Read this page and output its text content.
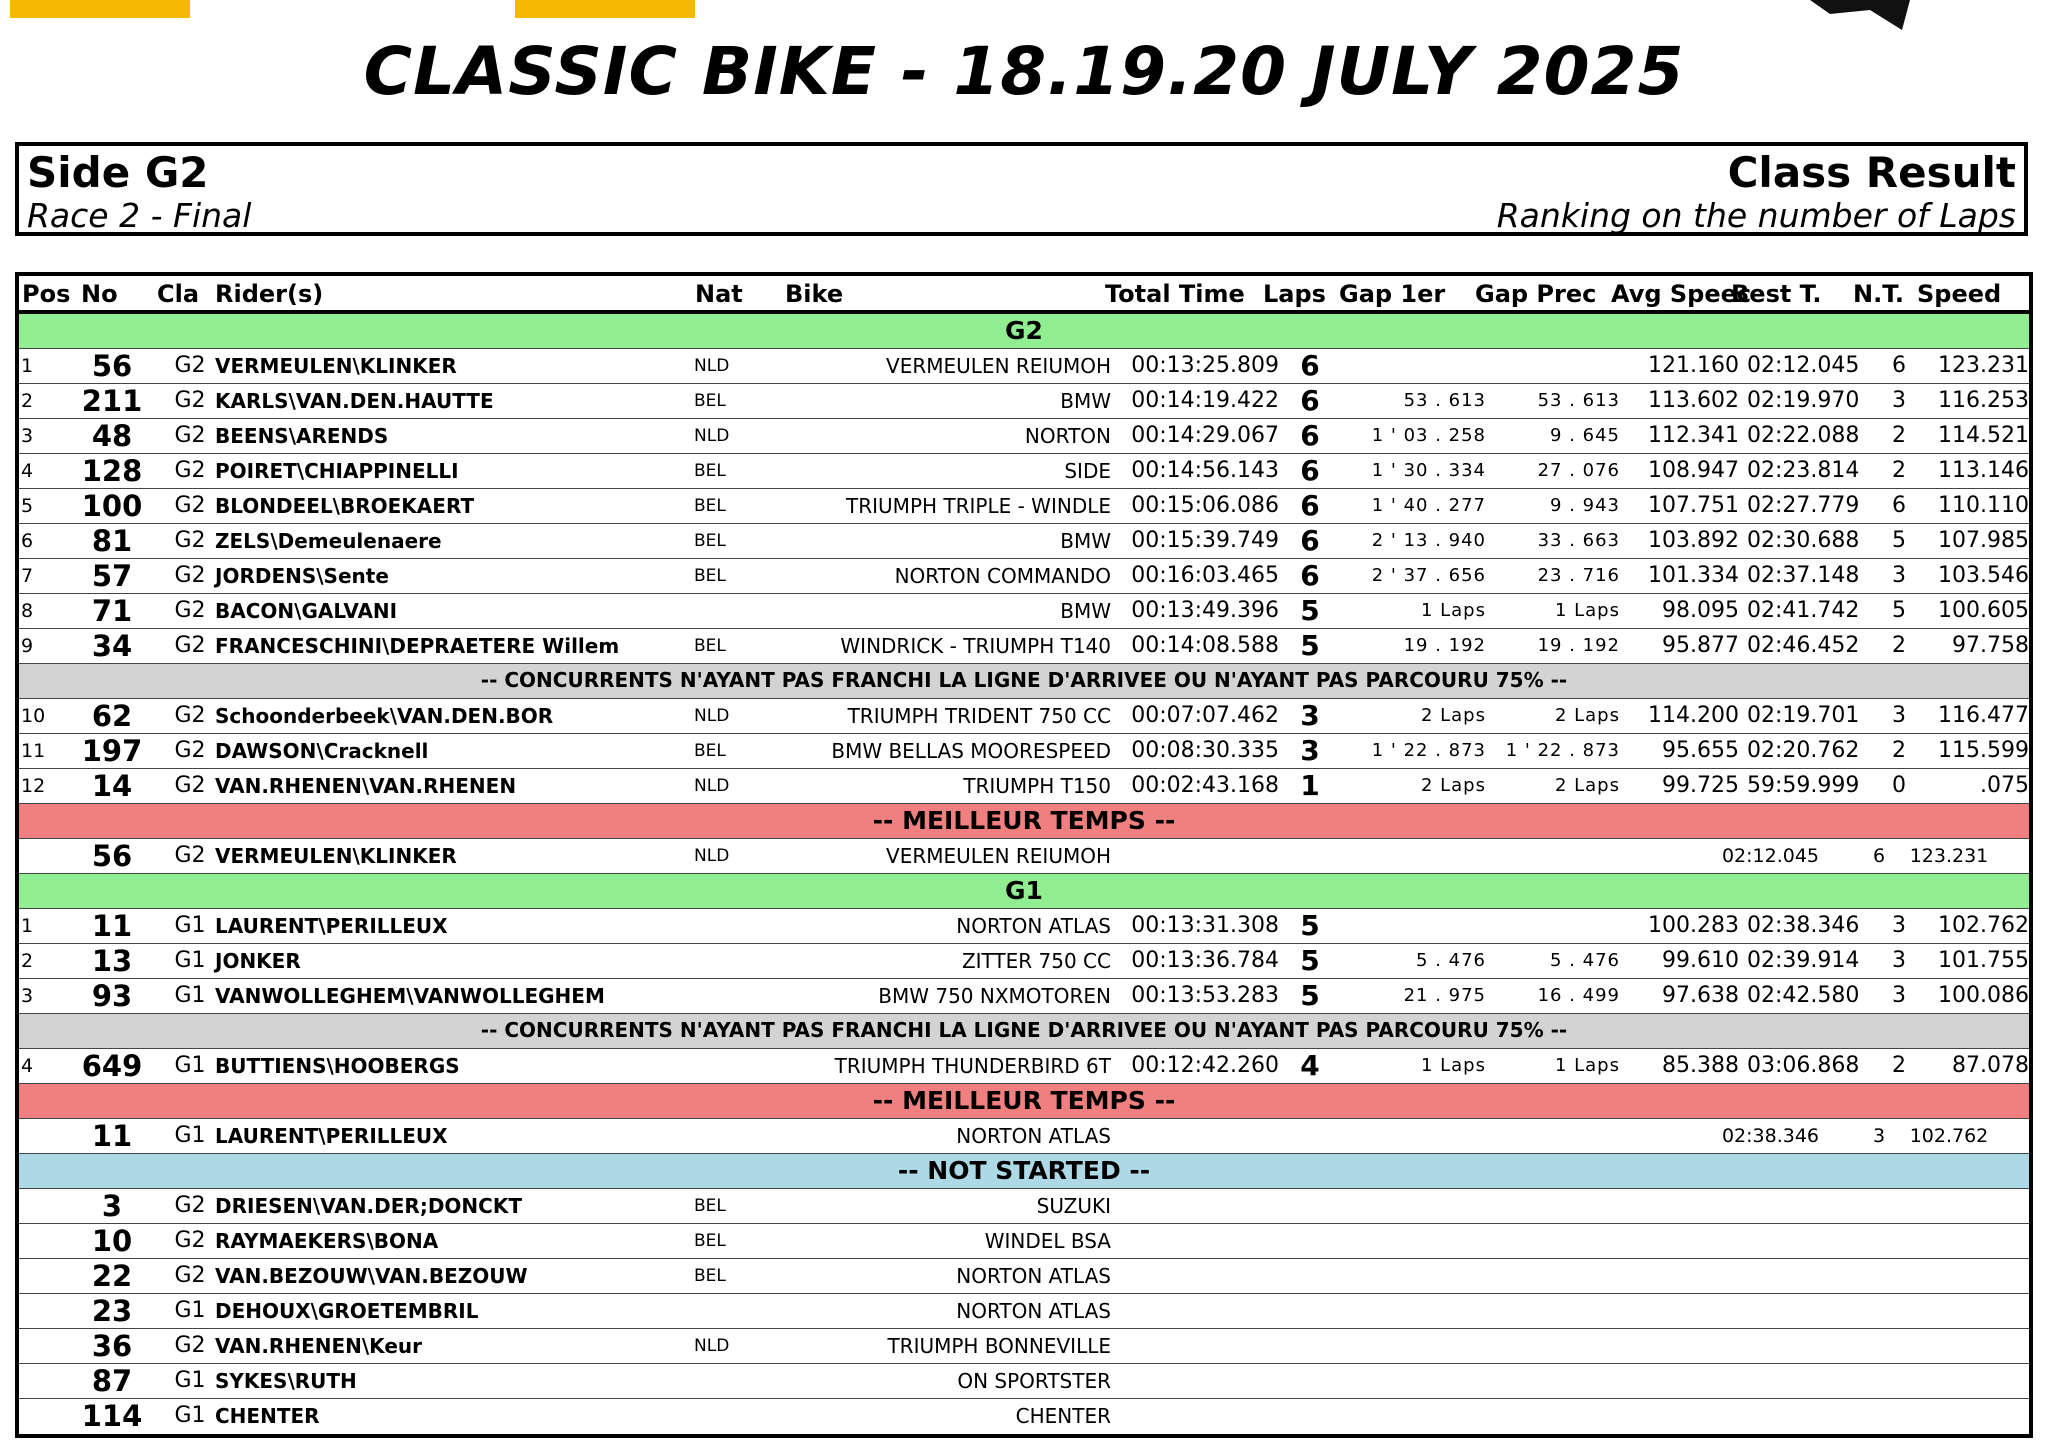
CLASSIC BIKE - 18.19.20 JULY 2025
Side G2
Race 2 - Final
Class Result
Ranking on the number of Laps
Pos No	Cla Rider(s)	Nat	Bike	Total Time Laps Gap 1er Gap Prec Avg Speec
Best T.	N.T. Speed
G2
1	56	G2 VERMEULEN\KLINKER	NLD	VERMEULEN REIUMOH 00:13:25.809 6	121.160 02:12.045	6	123.231
2	211	G2 KARLS\VAN.DEN.HAUTTE	BEL	BMW 00:14:19.422 6	53 . 613	53 . 613	113.602 02:19.970	3	116.253
3	48	G2 BEENS\ARENDS	NLD	NORTON 00:14:29.067 6	1 ' 03 . 258	9 . 645	112.341 02:22.088	2	114.521
4	128	G2 POIRET\CHIAPPINELLI	BEL	SIDE 00:14:56.143 6	1 ' 30 . 334	27 . 076	108.947 02:23.814	2	113.146
5	100	G2 BLONDEEL\BROEKAERT	BEL	TRIUMPH TRIPLE - WINDLE 00:15:06.086 6	1 ' 40 . 277	9 . 943	107.751 02:27.779	6	110.110
6	81	G2 ZELS\Demeulenaere	BEL	BMW 00:15:39.749 6	2 ' 13 . 940	33 . 663	103.892 02:30.688	5	107.985
7	57	G2 JORDENS\Sente	BEL	NORTON COMMANDO 00:16:03.465 6	2 ' 37 . 656	23 . 716	101.334 02:37.148	3	103.546
8	71	G2 BACON\GALVANI	BMW 00:13:49.396 5	1 Laps	1 Laps	98.095 02:41.742	5	100.605
9	34	G2 FRANCESCHINI\DEPRAETERE Willem	BEL	WINDRICK - TRIUMPH T140 00:14:08.588 5	19 . 192	19 . 192	95.877 02:46.452	2	97.758
-- CONCURRENTS N'AYANT PAS FRANCHI LA LIGNE D'ARRIVEE OU N'AYANT PAS PARCOURU 75% --
10	62	G2 Schoonderbeek\VAN.DEN.BOR	NLD	TRIUMPH TRIDENT 750 CC 00:07:07.462 3	2 Laps	2 Laps	114.200 02:19.701	3	116.477
11	197	G2 DAWSON\Cracknell	BEL	BMW BELLAS MOORESPEED 00:08:30.335 3	1 ' 22 . 873	1 ' 22 . 873	95.655 02:20.762	2	115.599
12	14	G2 VAN.RHENEN\VAN.RHENEN	NLD	TRIUMPH T150 00:02:43.168 1	2 Laps	2 Laps	99.725 59:59.999	0	.075
-- MEILLEUR TEMPS --
56	G2 VERMEULEN\KLINKER	NLD	VERMEULEN REIUMOH	02:12.045	6	123.231
G1
1	11	G1 LAURENT\PERILLEUX	NORTON ATLAS 00:13:31.308 5	100.283 02:38.346	3	102.762
2	13	G1 JONKER	ZITTER 750 CC 00:13:36.784 5	5 . 476	5 . 476	99.610 02:39.914	3	101.755
3	93	G1 VANWOLLEGHEM\VANWOLLEGHEM	BMW 750 NXMOTOREN 00:13:53.283 5	21 . 975	16 . 499	97.638 02:42.580	3	100.086
-- CONCURRENTS N'AYANT PAS FRANCHI LA LIGNE D'ARRIVEE OU N'AYANT PAS PARCOURU 75% --
4	649	G1 BUTTIENS\HOOBERGS	TRIUMPH THUNDERBIRD 6T 00:12:42.260 4	1 Laps	1 Laps	85.388 03:06.868	2	87.078
-- MEILLEUR TEMPS --
11	G1 LAURENT\PERILLEUX	NORTON ATLAS	02:38.346	3	102.762
-- NOT STARTED --
3	G2 DRIESEN\VAN.DER;DONCKT	BEL	SUZUKI
10	G2 RAYMAEKERS\BONA	BEL	WINDEL BSA
22	G2 VAN.BEZOUW\VAN.BEZOUW	BEL	NORTON ATLAS
23	G1 DEHOUX\GROETEMBRIL	NORTON ATLAS
36	G2 VAN.RHENEN\Keur	NLD	TRIUMPH BONNEVILLE
87	G1 SYKES\RUTH	ON SPORTSTER
114	G1 CHENTER	CHENTER
